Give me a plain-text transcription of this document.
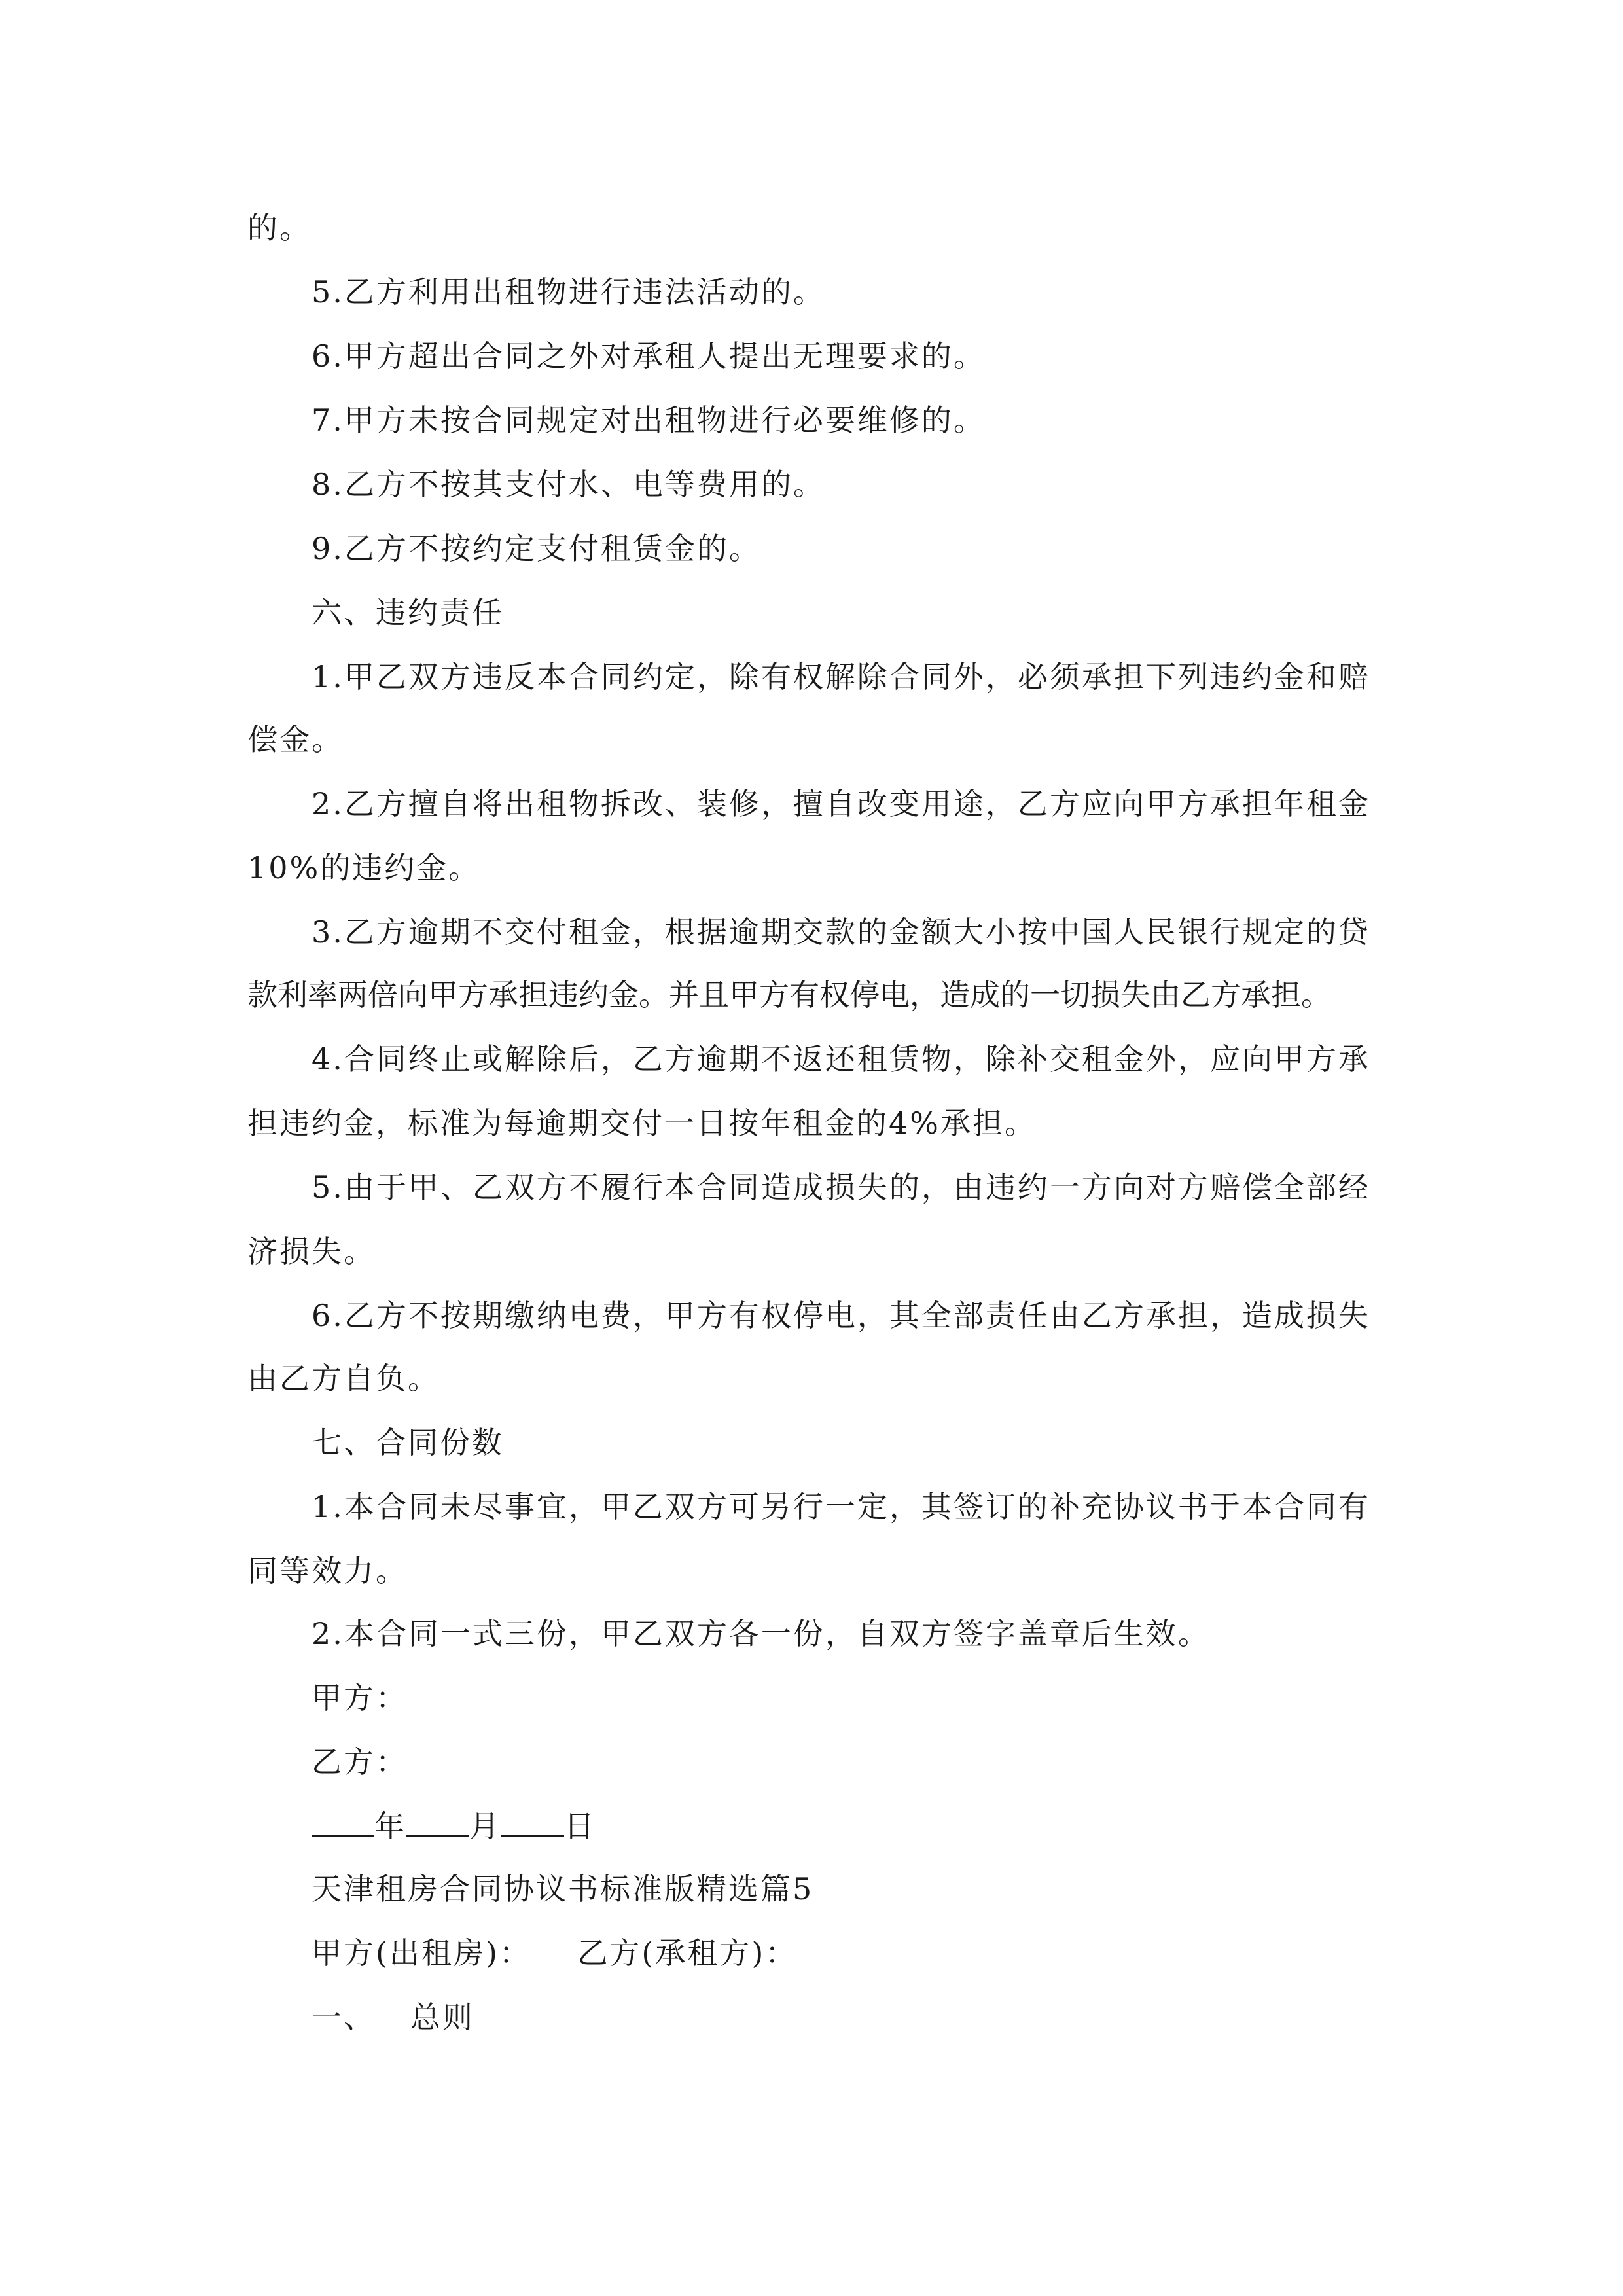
的。
5.乙方利用出租物进行违法活动的。
6.甲方超出合同之外对承租人提出无理要求的。
7.甲方未按合同规定对出租物进行必要维修的。
8.乙方不按其支付水、电等费用的。
9.乙方不按约定支付租赁金的。
六、违约责任
1.甲乙双方违反本合同约定，除有权解除合同外，必须承担下列违约金和赔
偿金。
2.乙方擅自将出租物拆改、装修，擅自改变用途，乙方应向甲方承担年租金
10%的违约金。
3.乙方逾期不交付租金，根据逾期交款的金额大小按中国人民银行规定的贷
款利率两倍向甲方承担违约金。并且甲方有权停电，造成的一切损失由乙方承担。
4.合同终止或解除后，乙方逾期不返还租赁物，除补交租金外，应向甲方承
担违约金，标准为每逾期交付一日按年租金的4%承担。
5.由于甲、乙双方不履行本合同造成损失的，由违约一方向对方赔偿全部经
济损失。
6.乙方不按期缴纳电费，甲方有权停电，其全部责任由乙方承担，造成损失
由乙方自负。
七、合同份数
1.本合同未尽事宜，甲乙双方可另行一定，其签订的补充协议书于本合同有
同等效力。
2.本合同一式三份，甲乙双方各一份，自双方签字盖章后生效。
甲方：
乙方：
年 月 日
天津租房合同协议书标准版精选篇5
甲方(出租房)：    乙方(承租方)：
一、   总则
